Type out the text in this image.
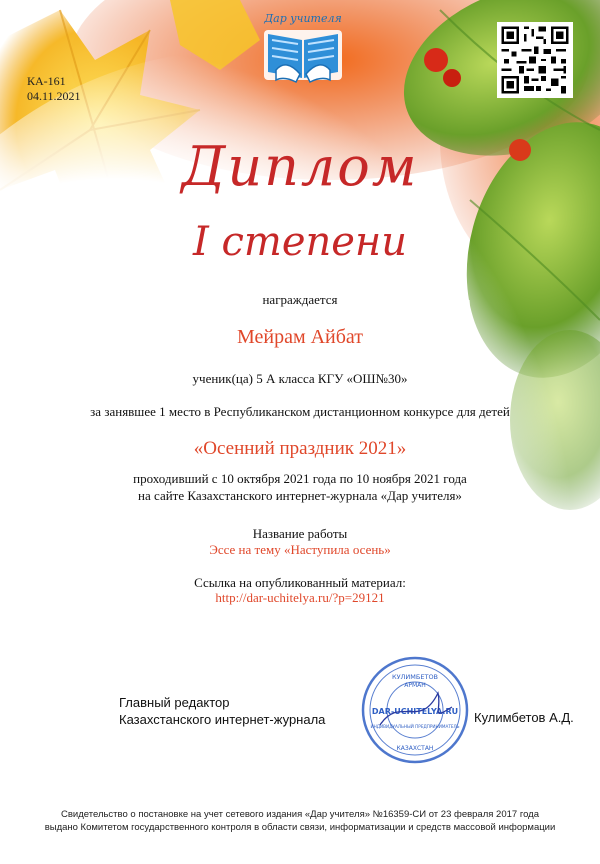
КА-161
04.11.2021
Дар учителя
Диплом
I степени
награждается
Мейрам Айбат
ученик(ца) 5 А класса КГУ «ОШ№30»
за занявшее 1 место в Республиканском дистанционном конкурсе для детей
«Осенний праздник 2021»
проходивший с 10 октября 2021 года по 10 ноября 2021 года
на сайте Казахстанского интернет-журнала «Дар учителя»
Название работы
Эссе на тему «Наступила осень»
Ссылка на опубликованный материал:
http://dar-uchitelya.ru/?p=29121
Главный редактор
Казахстанского интернет-журнала
КУЛИМБЕТОВ
АРМАН
DAR-UCHITELYA.RU
ИНДИВИДУАЛЬНЫЙ ПРЕДПРИНИМАТЕЛЬ
КАЗАХСТАН
Кулимбетов А.Д.
Свидетельство о постановке на учет сетевого издания «Дар учителя» №16359-СИ от 23 февраля 2017 года
выдано Комитетом государственного контроля в области связи, информатизации и средств массовой информации
